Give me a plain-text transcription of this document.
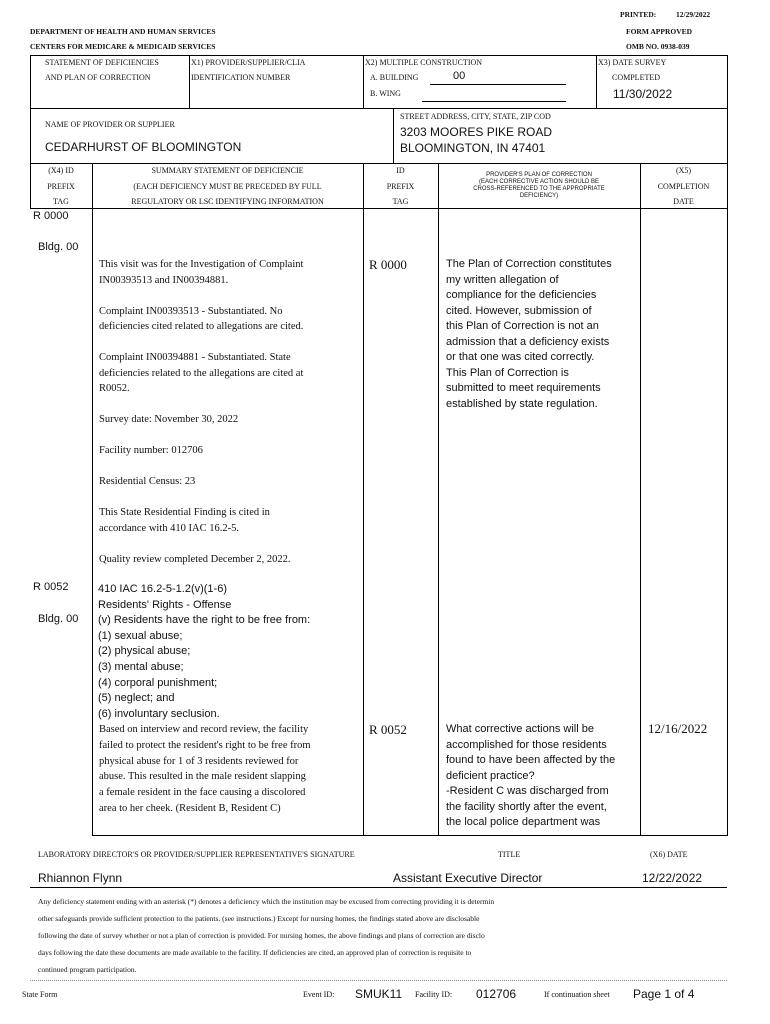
PRINTED:	12/29/2022
FORM APPROVED
OMB NO. 0938-039
DEPARTMENT OF HEALTH AND HUMAN SERVICES
CENTERS FOR MEDICARE & MEDICAID SERVICES
STATEMENT OF DEFICIENCIES
AND PLAN OF CORRECTION
X1) PROVIDER/SUPPLIER/CLIA
IDENTIFICATION NUMBER
X2) MULTIPLE CONSTRUCTION
A. BUILDING	00
B. WING
X3) DATE SURVEY
COMPLETED
11/30/2022
NAME OF PROVIDER OR SUPPLIER
CEDARHURST OF BLOOMINGTON
STREET ADDRESS, CITY, STATE, ZIP COD
3203 MOORES PIKE ROAD
BLOOMINGTON, IN 47401
(X4) ID
PREFIX
TAG
SUMMARY STATEMENT OF DEFICIENCIE
(EACH DEFICIENCY MUST BE PRECEDED BY FULL
REGULATORY OR LSC IDENTIFYING INFORMATION
ID
PREFIX
TAG

PROVIDER'S PLAN OF CORRECTION

(EACH CORRECTIVE ACTION SHOULD BE

CROSS-REFERENCED TO THE APPROPRIATE

DEFICIENCY)

(X5)
COMPLETION
DATE
R 0000
Bldg. 00

This visit was for the Investigation of Complaint

IN00393513 and IN00394881.

Complaint IN00393513 - Substantiated. No

deficiencies cited related to allegations are cited.

Complaint IN00394881 - Substantiated. State

deficiencies related to the allegations are cited at

R0052.

Survey date: November 30, 2022

Facility number: 012706

Residential Census: 23

This State Residential Finding is cited in

accordance with 410 IAC 16.2-5.

Quality review completed December 2, 2022.

R 0000	The Plan of Correction constitutes

my written allegation of

compliance for the deficiencies

cited. However, submission of

this Plan of Correction is not an

admission that a deficiency exists

or that one was cited correctly.

This Plan of Correction is

submitted to meet requirements

established by state regulation.

R 0052
Bldg. 00

410 IAC 16.2-5-1.2(v)(1-6)

Residents' Rights - Offense

(v) Residents have the right to be free from:

(1) sexual abuse;

(2) physical abuse;

(3) mental abuse;

(4) corporal punishment;

(5) neglect; and

(6) involuntary seclusion.

Based on interview and record review, the facility

failed to protect the resident's right to be free from

physical abuse for 1 of 3 residents reviewed for

abuse. This resulted in the male resident slapping

a female resident in the face causing a discolored

area to her cheek. (Resident B, Resident C)

R 0052	What corrective actions will be

accomplished for those residents

found to have been affected by the

deficient practice?

-Resident C was discharged from

the facility shortly after the event,

the local police department was

12/16/2022
LABORATORY DIRECTOR'S OR PROVIDER/SUPPLIER REPRESENTATIVE'S SIGNATURE	TITLE	(X6) DATE
Rhiannon Flynn	Assistant Executive Director	12/22/2022

Any deficiency statement ending with an asterisk (*) denotes a deficiency which the institution may be excused from correcting providing it is determin

other safeguards provide sufficient protection to the patients. (see instructions.) Except for nursing homes, the findings stated above are disclosable

following the date of survey whether or not a plan of correction is provided. For nursing homes, the above findings and plans of correction are disclo

days following the date these documents are made available to the facility. If deficiencies are cited, an approved plan of correction is requisite to

continued program participation.

State Form	Event ID: SMUK11 Facility ID: 012706	If continuation sheet Page 1 of 4
